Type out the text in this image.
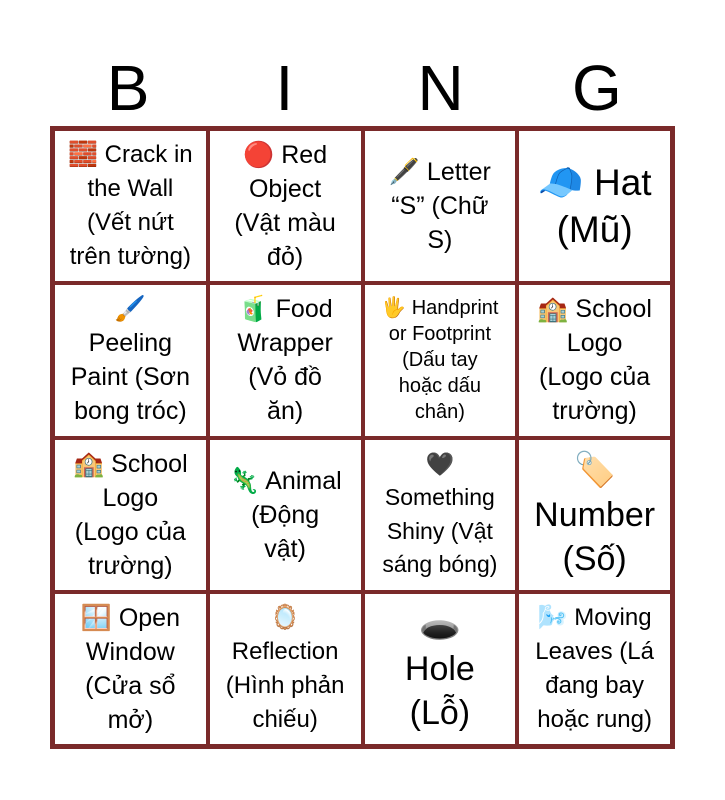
B	I	N	G
🧱 Crack in
the Wall
(Vết nứt
trên tường)
🔴 Red
Object
(Vật màu
đỏ)
🖋️ Letter
“S” (Chữ
S)
🧢 Hat
(Mũ)
🖌️
Peeling
Paint (Sơn
bong tróc)
🧃 Food
Wrapper
(Vỏ đồ
ăn)
🖐️ Handprint
or Footprint
(Dấu tay
hoặc dấu
chân)
🏫 School
Logo
(Logo của
trường)
🏫 School
Logo
(Logo của
trường)
🦎 Animal
(Động
vật)
🖤
Something
Shiny (Vật
sáng bóng)
🏷️
Number
(Số)
🪟 Open
Window
(Cửa sổ
mở)
🪞
Reflection
(Hình phản
chiếu)
🕳️
Hole
(Lỗ)
🌬️ Moving
Leaves (Lá
đang bay
hoặc rung)
